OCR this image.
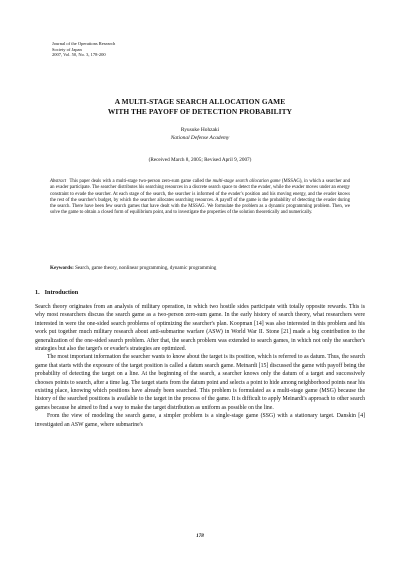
Journal of the Operations Research
Society of Japan
2007, Vol. 50, No. 3, 178-200
A MULTI-STAGE SEARCH ALLOCATION GAME
WITH THE PAYOFF OF DETECTION PROBABILITY
Ryusuke Hohzaki
National Defense Academy
(Received March 8, 2005; Revised April 9, 2007)
Abstract This paper deals with a multi-stage two-person zero-sum game called the multi-stage search allocation game (MSSAG), in which a searcher and an evader participate. The searcher distributes his searching resources in a discrete search space to detect the evader, while the evader moves under an energy constraint to evade the searcher. At each stage of the search, the searcher is informed of the evader's position and his moving energy, and the evader knows the rest of the searcher's budget, by which the searcher allocates searching resources. A payoff of the game is the probability of detecting the evader during the search. There have been few search games that have dealt with the MSSAG. We formulate the problem as a dynamic programming problem. Then, we solve the game to obtain a closed form of equilibrium point, and to investigate the properties of the solution theoretically and numerically.
Keywords: Search, game theory, nonlinear programming, dynamic programming
1. Introduction

Search theory originates from an analysis of military operation, in which two hostile sides participate with totally opposite rewards. This is why most researchers discuss the search game as a two-person zero-sum game. In the early history of search theory, what researchers were interested in were the one-sided search problems of optimizing the searcher's plan. Koopman [14] was also interested in this problem and his work put together much military research about anti-submarine warfare (ASW) in World War II. Stone [21] made a big contribution to the generalization of the one-sided search problem. After that, the search problem was extended to search games, in which not only the searcher's strategies but also the target's or evader's strategies are optimized.

The most important information the searcher wants to know about the target is its position, which is referred to as datum. Thus, the search game that starts with the exposure of the target position is called a datum search game. Meinardi [15] discussed the game with payoff being the probability of detecting the target on a line. At the beginning of the search, a searcher knows only the datum of a target and successively chooses points to search, after a time lag. The target starts from the datum point and selects a point to hide among neighborhood points near his existing place, knowing which positions have already been searched. This problem is formulated as a multi-stage game (MSG) because the history of the searched positions is available to the target in the process of the game. It is difficult to apply Meinardi's approach to other search games because he aimed to find a way to make the target distribution as uniform as possible on the line.

From the view of modeling the search game, a simpler problem is a single-stage game (SSG) with a stationary target. Danskin [4] investigated an ASW game, where submarine's

178
